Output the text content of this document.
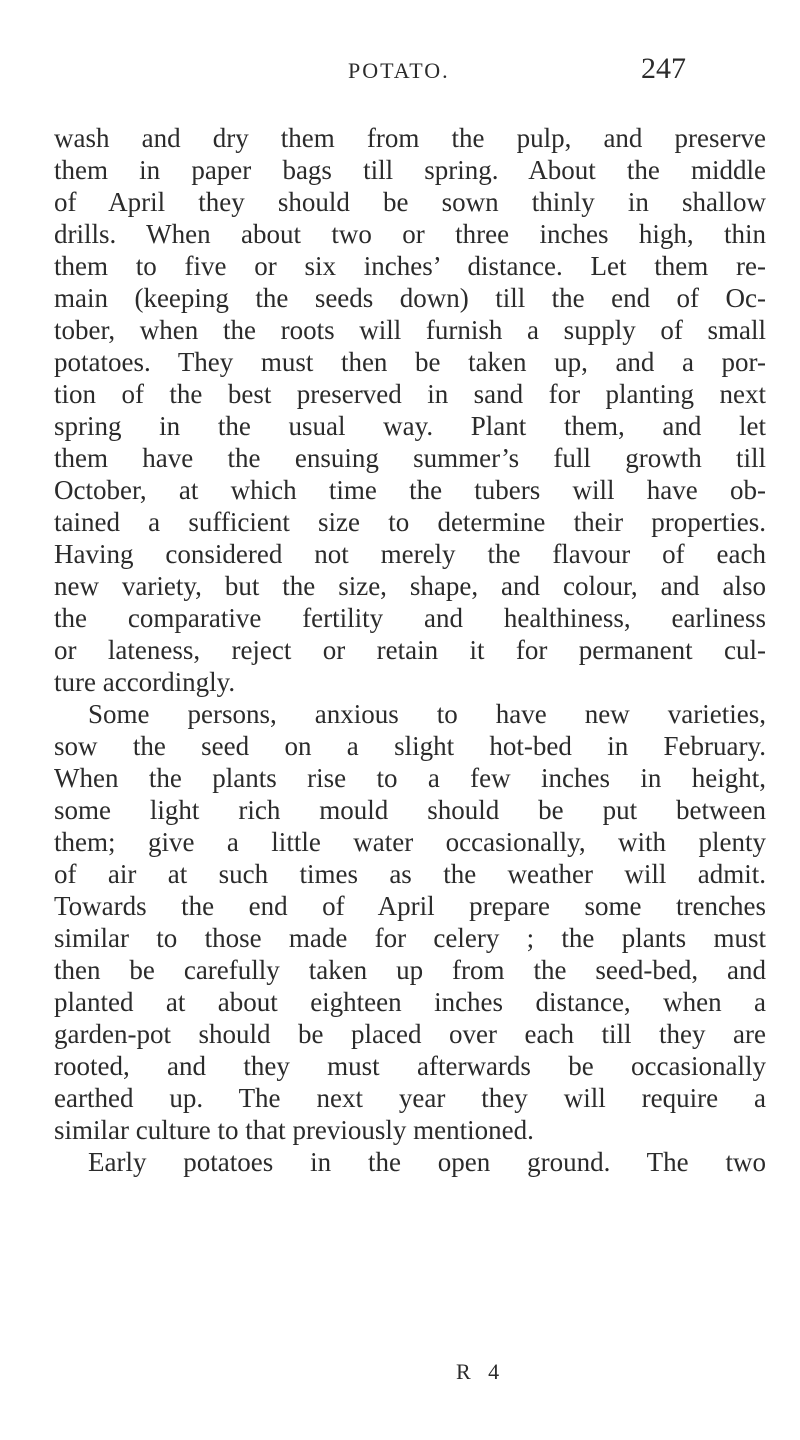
POTATO.	247
wash and dry them from the pulp, and preserve
them in paper bags till spring. About the middle
of April they should be sown thinly in shallow
drills. When about two or three inches high, thin
them to five or six inches’ distance. Let them re-
main (keeping the seeds down) till the end of Oc-
tober, when the roots will furnish a supply of small
potatoes. They must then be taken up, and a por-
tion of the best preserved in sand for planting next
spring in the usual way. Plant them, and let
them have the ensuing summer’s full growth till
October, at which time the tubers will have ob-
tained a sufficient size to determine their properties.
Having considered not merely the flavour of each
new variety, but the size, shape, and colour, and also
the comparative fertility and healthiness, earliness
or lateness, reject or retain it for permanent cul-
ture accordingly.
Some persons, anxious to have new varieties,
sow the seed on a slight hot-bed in February.
When the plants rise to a few inches in height,
some light rich mould should be put between
them; give a little water occasionally, with plenty
of air at such times as the weather will admit.
Towards the end of April prepare some trenches
similar to those made for celery ; the plants must
then be carefully taken up from the seed-bed, and
planted at about eighteen inches distance, when a
garden-pot should be placed over each till they are
rooted, and they must afterwards be occasionally
earthed up. The next year they will require a
similar culture to that previously mentioned.
Early potatoes in the open ground. The two
R 4
